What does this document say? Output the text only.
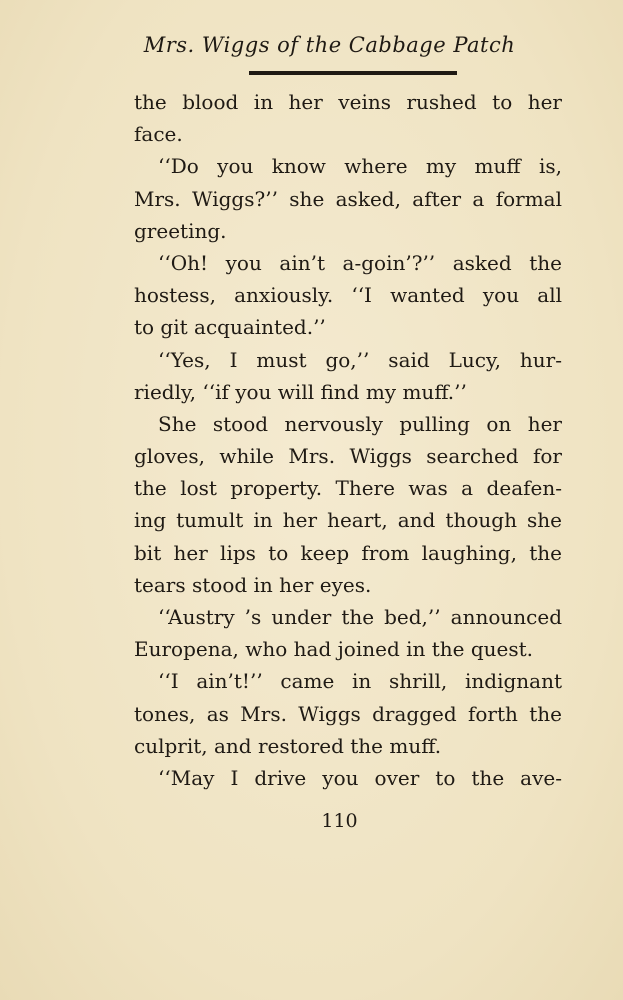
Mrs. Wiggs of the Cabbage Patch
the blood in her veins rushed to her
face.
‘‘Do you know where my muff is,
Mrs. Wiggs?’’ she asked, after a formal
greeting.
‘‘Oh! you ain’t a-goin’?’’ asked the
hostess, anxiously. ‘‘I wanted you all
to git acquainted.’’
‘‘Yes, I must go,’’ said Lucy, hur-
riedly, ‘‘if you will find my muff.’’
She stood nervously pulling on her
gloves, while Mrs. Wiggs searched for
the lost property. There was a deafen-
ing tumult in her heart, and though she
bit her lips to keep from laughing, the
tears stood in her eyes.
‘‘Austry ’s under the bed,’’ announced
Europena, who had joined in the quest.
‘‘I ain’t!’’ came in shrill, indignant
tones, as Mrs. Wiggs dragged forth the
culprit, and restored the muff.
‘‘May I drive you over to the ave-
110
